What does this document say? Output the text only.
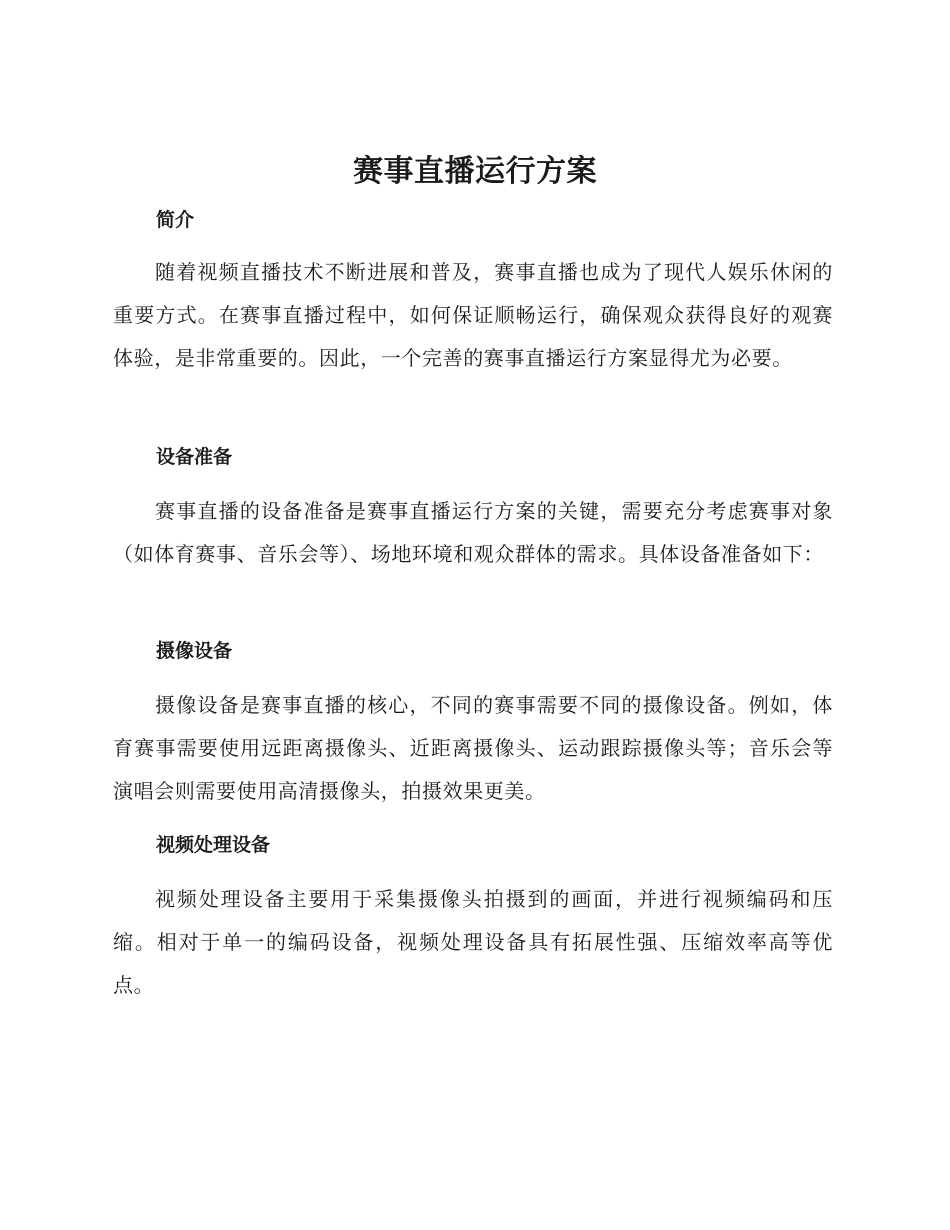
赛事直播运行方案
简介

随着视频直播技术不断进展和普及，赛事直播也成为了现代人娱乐休闲的重要方式。在赛事直播过程中，如何保证顺畅运行，确保观众获得良好的观赛体验，是非常重要的。因此，一个完善的赛事直播运行方案显得尤为必要。

设备准备

赛事直播的设备准备是赛事直播运行方案的关键，需要充分考虑赛事对象（如体育赛事、音乐会等）、场地环境和观众群体的需求。具体设备准备如下：

摄像设备

摄像设备是赛事直播的核心，不同的赛事需要不同的摄像设备。例如，体育赛事需要使用远距离摄像头、近距离摄像头、运动跟踪摄像头等；音乐会等演唱会则需要使用高清摄像头，拍摄效果更美。

视频处理设备

视频处理设备主要用于采集摄像头拍摄到的画面，并进行视频编码和压缩。相对于单一的编码设备，视频处理设备具有拓展性强、压缩效率高等优点。
